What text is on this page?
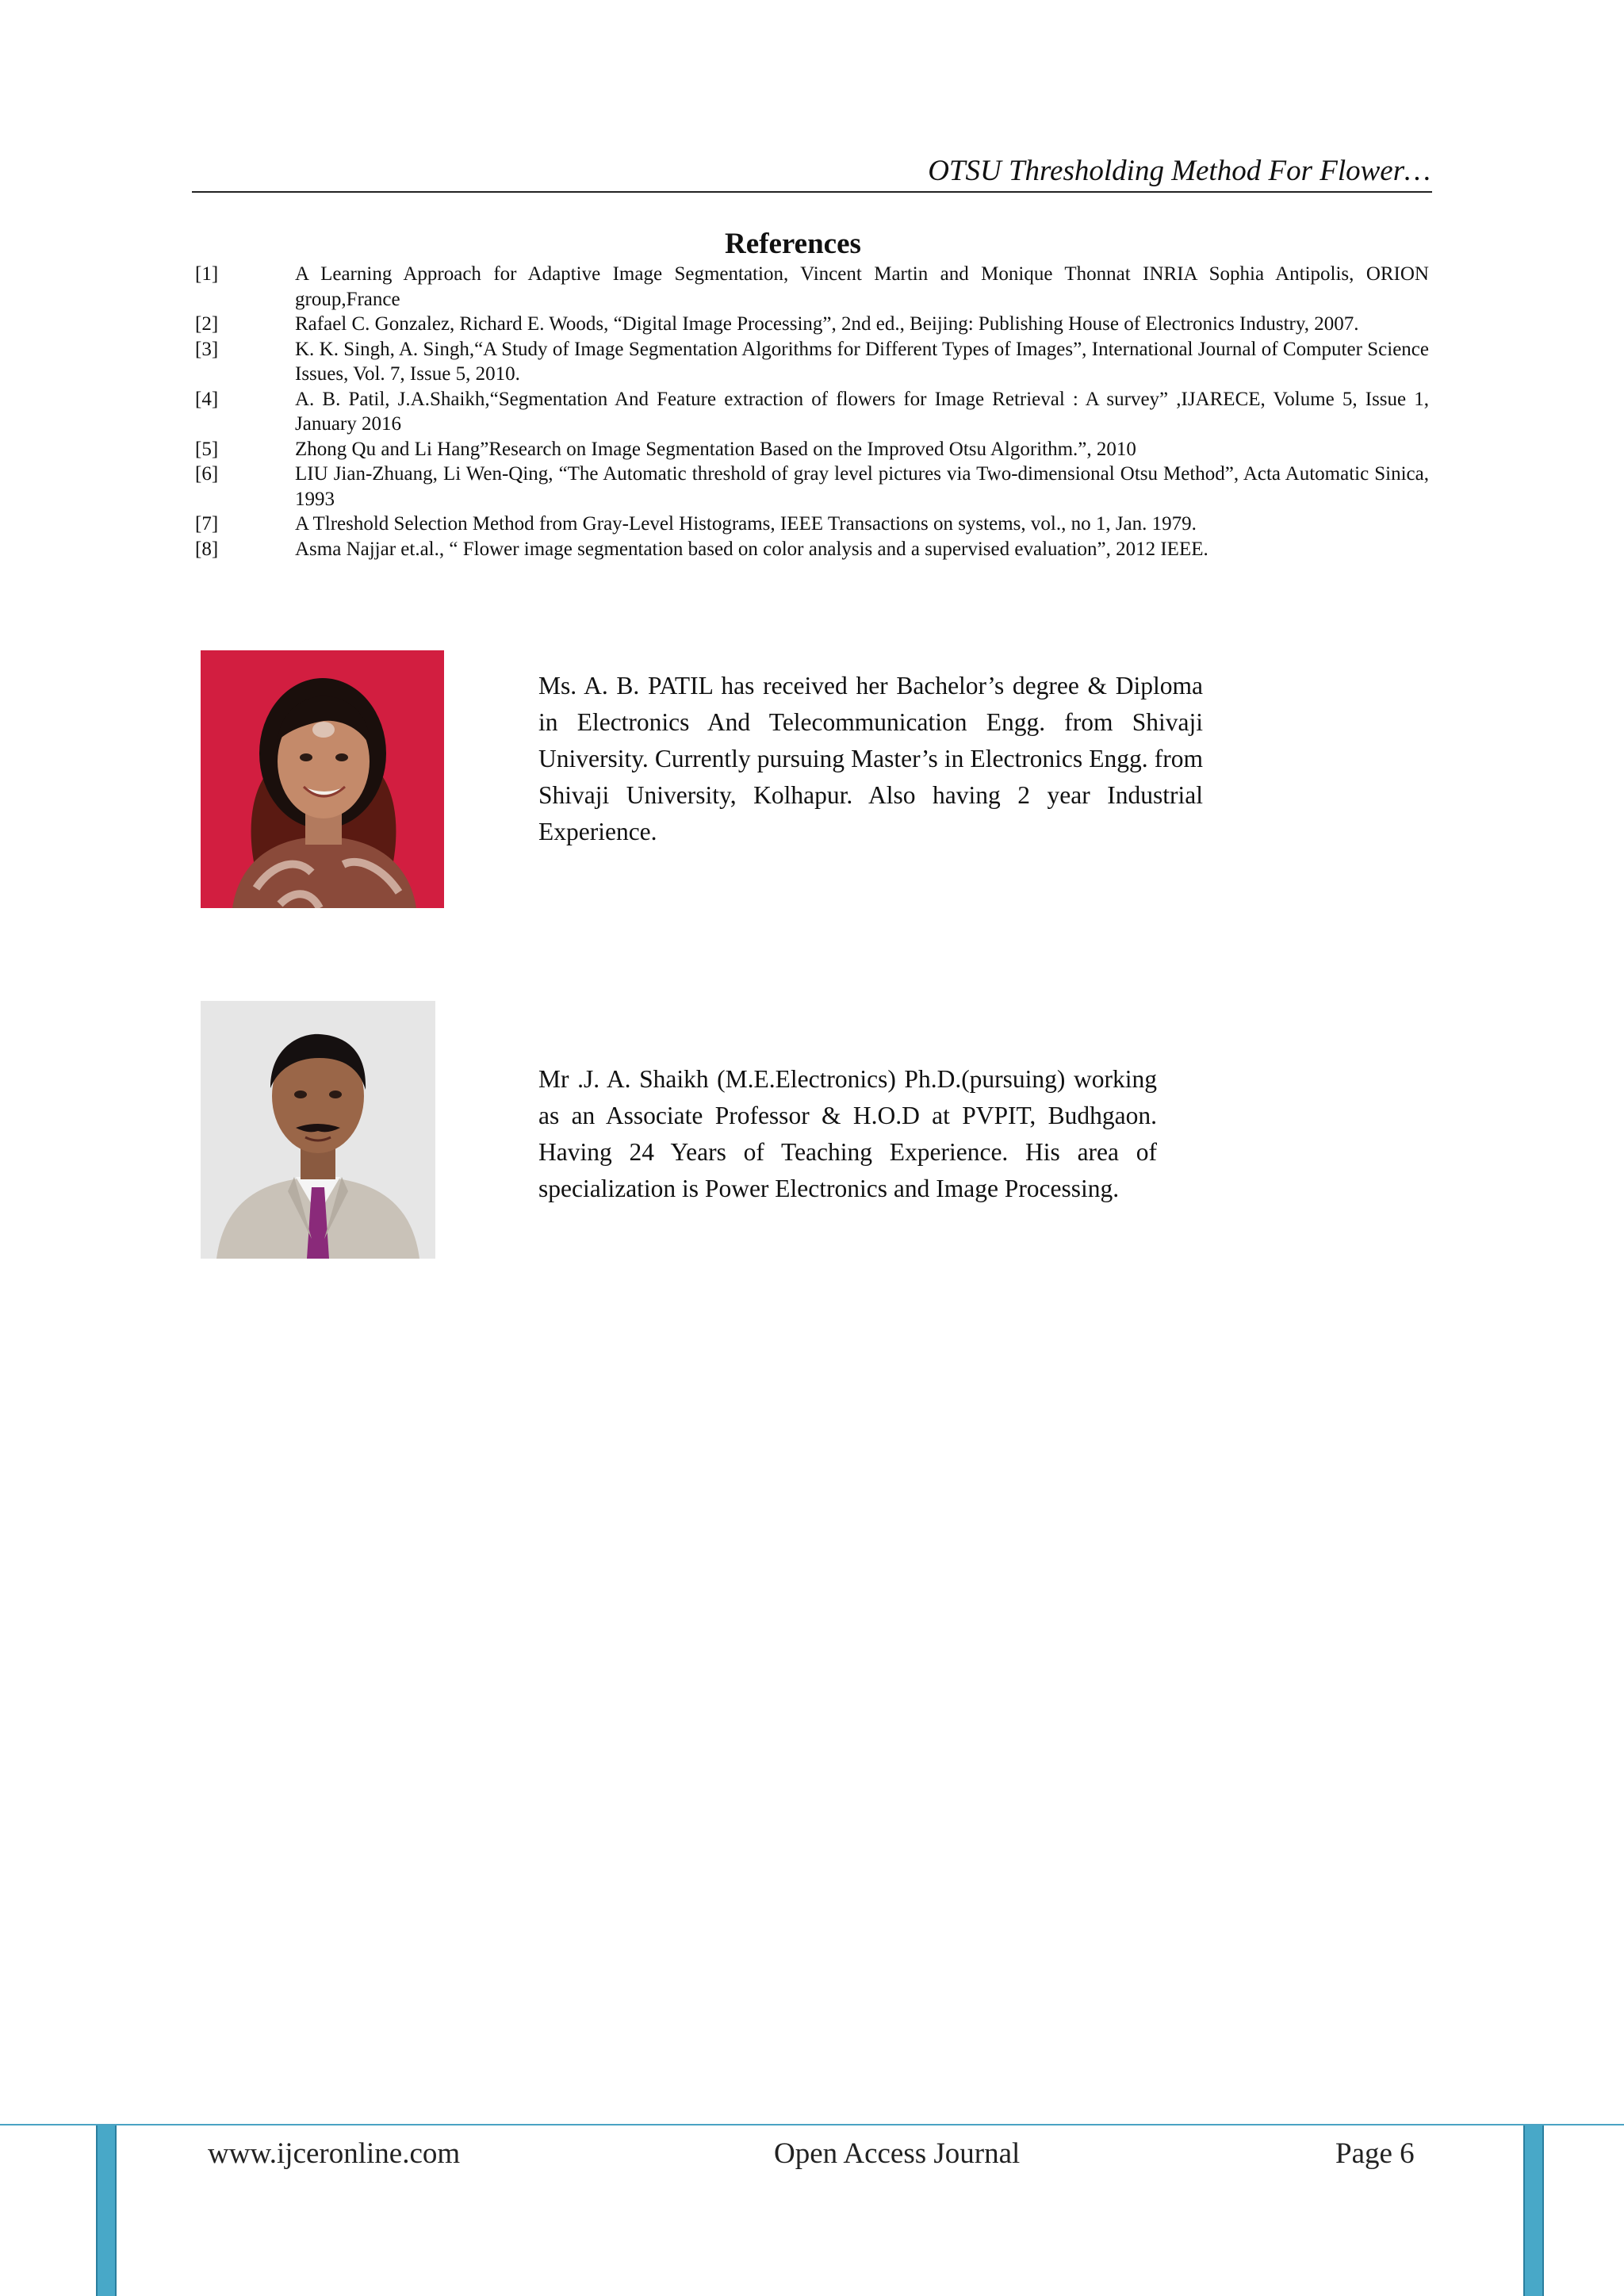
OTSU Thresholding Method For Flower…
References
[1]	A Learning Approach for Adaptive Image Segmentation, Vincent Martin and Monique Thonnat INRIA Sophia Antipolis, ORION group,France
[2]	Rafael C. Gonzalez, Richard E. Woods, “Digital Image Processing”, 2nd ed., Beijing: Publishing House of Electronics Industry, 2007.
[3]	K. K. Singh, A. Singh,“A Study of Image Segmentation Algorithms for Different Types of Images”, International Journal of Computer Science Issues, Vol. 7, Issue 5, 2010.
[4]	A. B. Patil, J.A.Shaikh,“Segmentation And Feature extraction of flowers for Image Retrieval : A survey” ,IJARECE, Volume 5, Issue 1, January 2016
[5]	Zhong Qu and Li Hang”Research on Image Segmentation Based on the Improved Otsu Algorithm.”, 2010
[6]	LIU Jian-Zhuang, Li Wen-Qing, “The Automatic threshold of gray level pictures via Two-dimensional Otsu Method”, Acta Automatic Sinica, 1993
[7]	A Tlreshold Selection Method from Gray-Level Histograms, IEEE Transactions on systems, vol., no 1, Jan. 1979.
[8]	Asma Najjar et.al., “ Flower image segmentation based on color analysis and a supervised evaluation”, 2012 IEEE.
Ms. A. B. PATIL has received her Bachelor’s degree & Diploma in Electronics And Telecommunication Engg. from Shivaji University. Currently pursuing Master’s in Electronics Engg. from Shivaji University, Kolhapur. Also having 2 year Industrial Experience.
Mr .J. A. Shaikh (M.E.Electronics) Ph.D.(pursuing) working as an Associate Professor & H.O.D at PVPIT, Budhgaon. Having 24 Years of Teaching Experience. His area of specialization is Power Electronics and Image Processing.
www.ijceronline.com	Open Access Journal	Page 6
